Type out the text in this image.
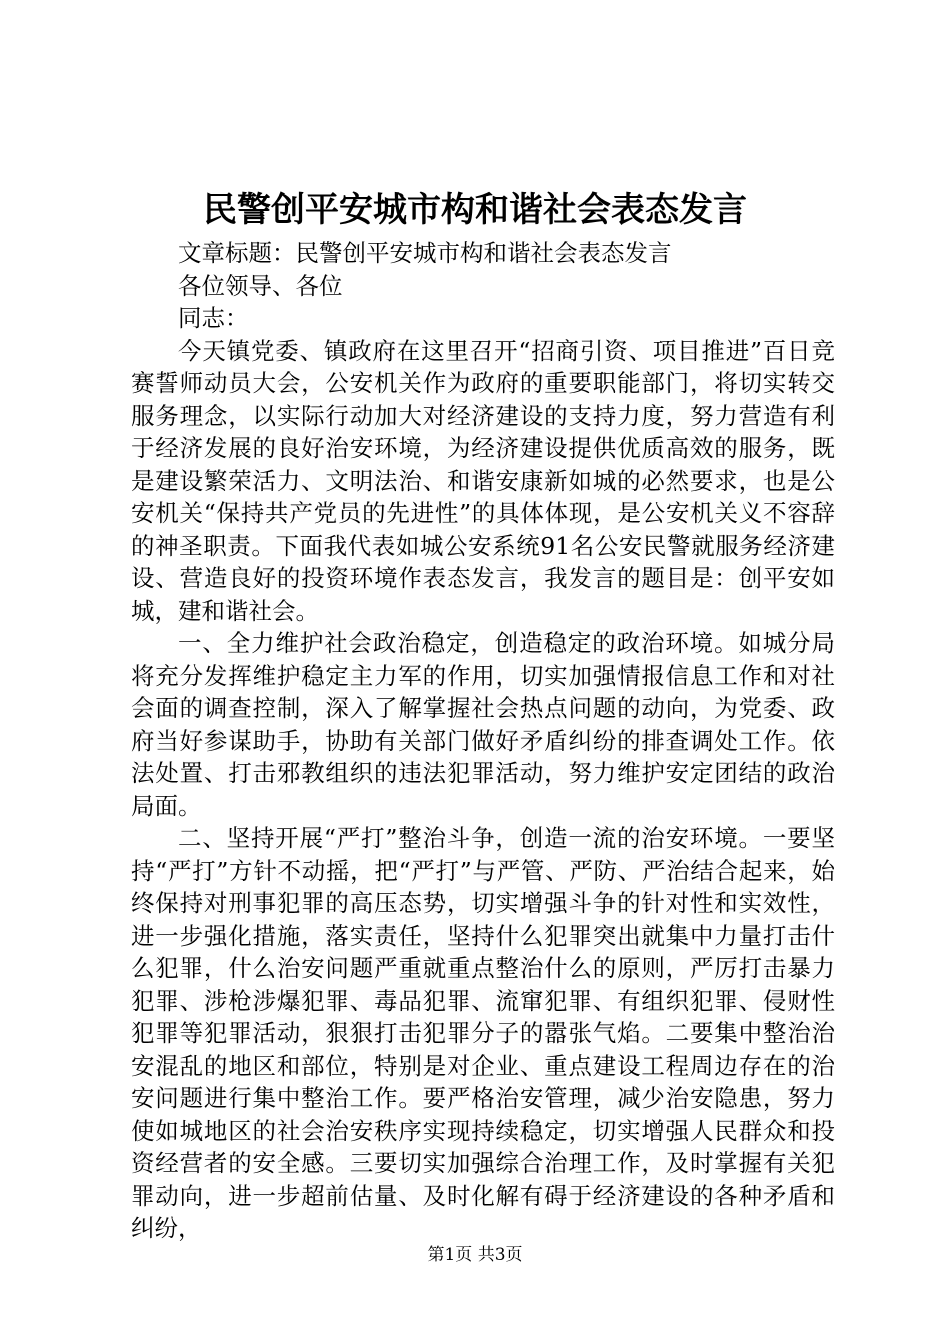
民警创平安城市构和谐社会表态发言

文章标题：民警创平安城市构和谐社会表态发言

各位领导、各位

同志：

今天镇党委、镇政府在这里召开“招商引资、项目推进”百日竞赛誓师动员大会，公安机关作为政府的重要职能部门，将切实转交服务理念，以实际行动加大对经济建设的支持力度，努力营造有利于经济发展的良好治安环境，为经济建设提供优质高效的服务，既是建设繁荣活力、文明法治、和谐安康新如城的必然要求，也是公安机关“保持共产党员的先进性”的具体体现，是公安机关义不容辞的神圣职责。下面我代表如城公安系统91名公安民警就服务经济建设、营造良好的投资环境作表态发言，我发言的题目是：创平安如城，建和谐社会。

一、全力维护社会政治稳定，创造稳定的政治环境。如城分局将充分发挥维护稳定主力军的作用，切实加强情报信息工作和对社会面的调查控制，深入了解掌握社会热点问题的动向，为党委、政府当好参谋助手，协助有关部门做好矛盾纠纷的排查调处工作。依法处置、打击邪教组织的违法犯罪活动，努力维护安定团结的政治局面。

二、坚持开展“严打”整治斗争，创造一流的治安环境。一要坚持“严打”方针不动摇，把“严打”与严管、严防、严治结合起来，始终保持对刑事犯罪的高压态势，切实增强斗争的针对性和实效性，进一步强化措施，落实责任，坚持什么犯罪突出就集中力量打击什么犯罪，什么治安问题严重就重点整治什么的原则，严厉打击暴力犯罪、涉枪涉爆犯罪、毒品犯罪、流窜犯罪、有组织犯罪、侵财性犯罪等犯罪活动，狠狠打击犯罪分子的嚣张气焰。二要集中整治治安混乱的地区和部位，特别是对企业、重点建设工程周边存在的治安问题进行集中整治工作。要严格治安管理，减少治安隐患，努力使如城地区的社会治安秩序实现持续稳定，切实增强人民群众和投资经营者的安全感。三要切实加强综合治理工作，及时掌握有关犯罪动向，进一步超前估量、及时化解有碍于经济建设的各种矛盾和纠纷，

第1页 共3页
